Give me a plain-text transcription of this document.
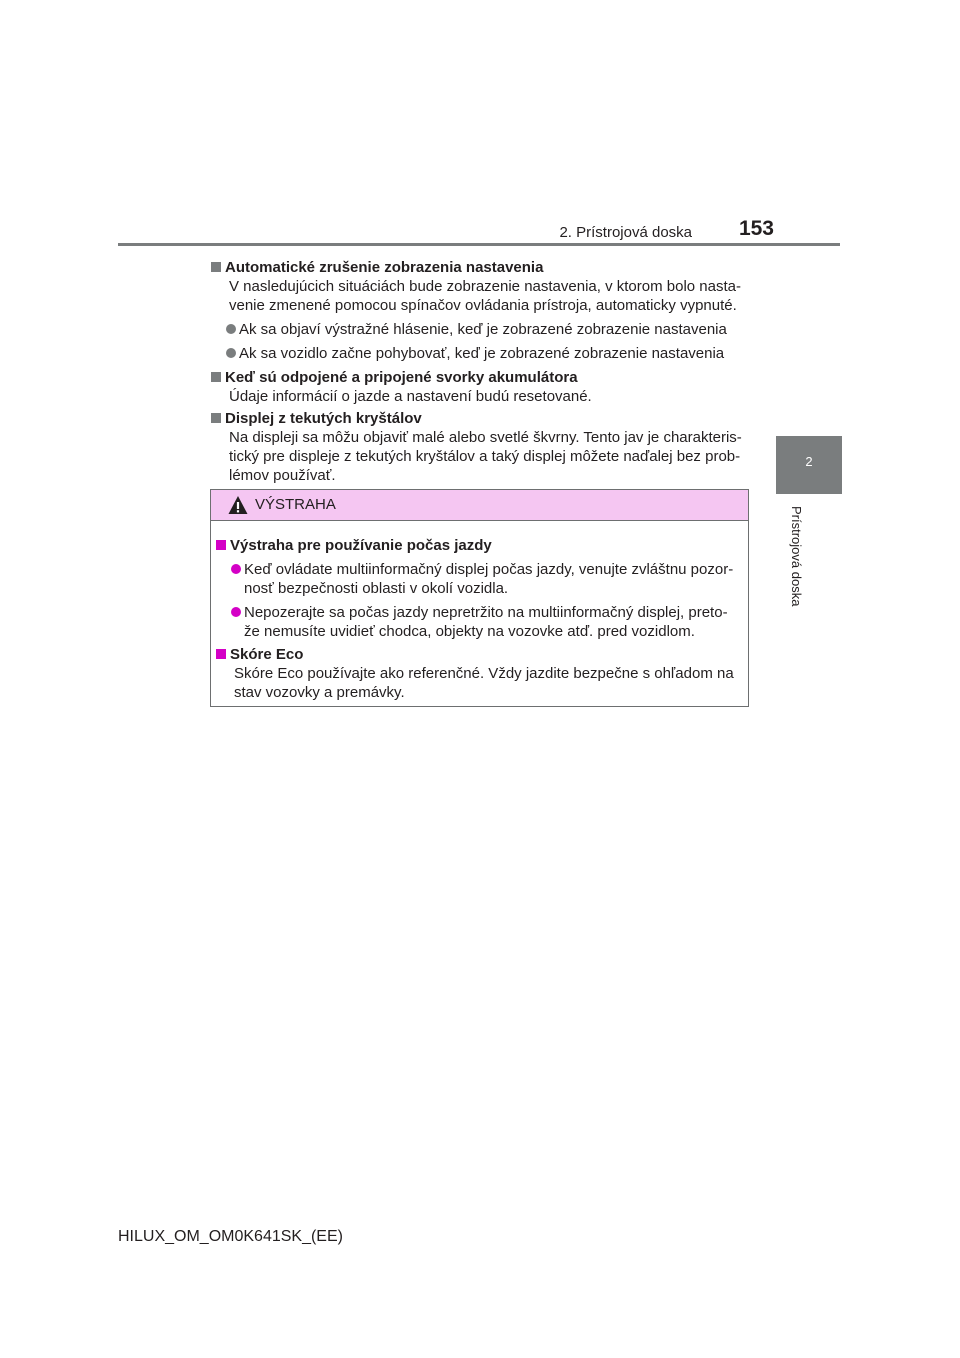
2. Prístrojová doska 153
2
Prístrojová doska
Automatické zrušenie zobrazenia nastavenia
V nasledujúcich situáciách bude zobrazenie nastavenia, v ktorom bolo nasta-
venie zmenené pomocou spínačov ovládania prístroja, automaticky vypnuté.
Ak sa objaví výstražné hlásenie, keď je zobrazené zobrazenie nastavenia
Ak sa vozidlo začne pohybovať, keď je zobrazené zobrazenie nastavenia
Keď sú odpojené a pripojené svorky akumulátora
Údaje informácií o jazde a nastavení budú resetované.
Displej z tekutých kryštálov
Na displeji sa môžu objaviť malé alebo svetlé škvrny. Tento jav je charakteris-
tický pre displeje z tekutých kryštálov a taký displej môžete naďalej bez prob-
lémov používať.
VÝSTRAHA
Výstraha pre používanie počas jazdy
Keď ovládate multiinformačný displej počas jazdy, venujte zvláštnu pozor-
nosť bezpečnosti oblasti v okolí vozidla.
Nepozerajte sa počas jazdy nepretržito na multiinformačný displej, preto-
že nemusíte uvidieť chodca, objekty na vozovke atď. pred vozidlom.
Skóre Eco
Skóre Eco používajte ako referenčné. Vždy jazdite bezpečne s ohľadom na
stav vozovky a premávky.
HILUX_OM_OM0K641SK_(EE)
